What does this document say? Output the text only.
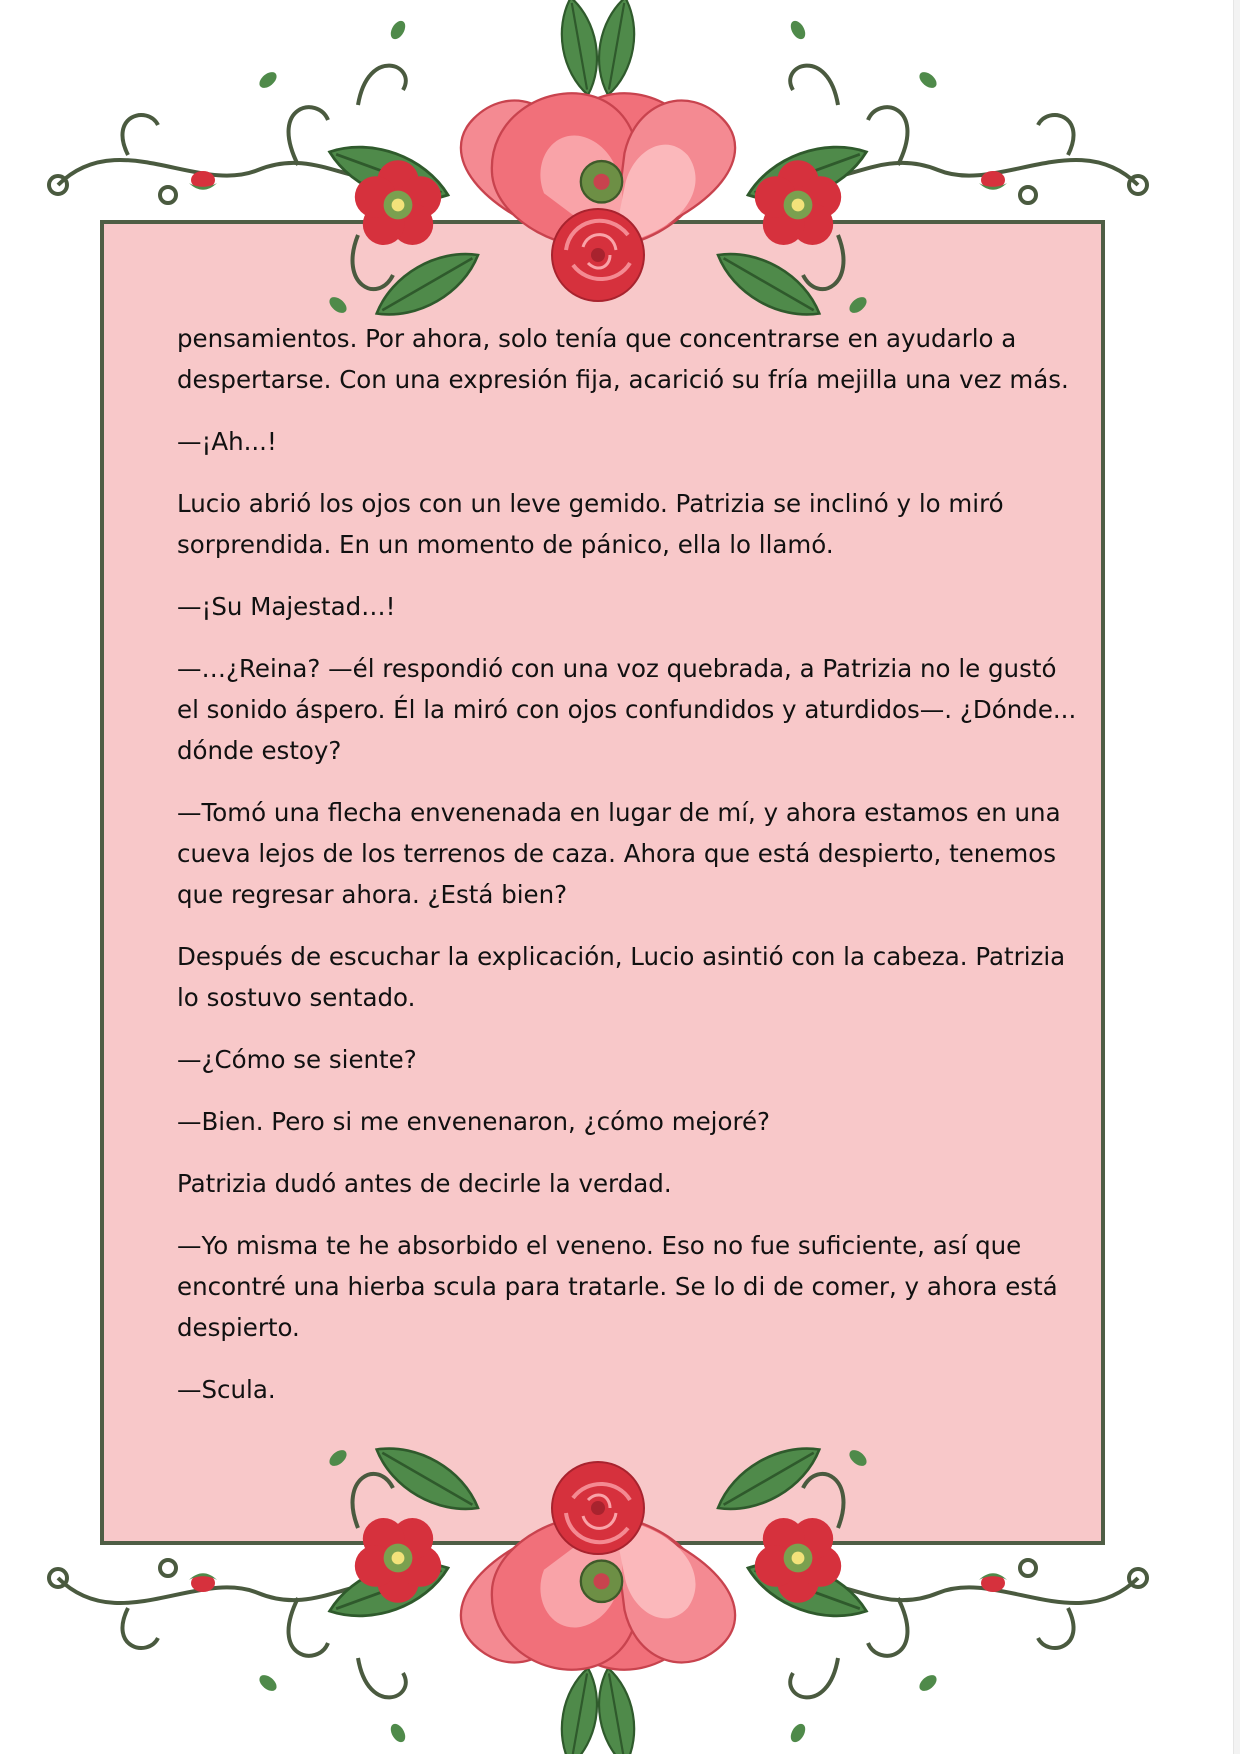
pensamientos. Por ahora, solo tenía que concentrarse en ayudarlo a despertarse. Con una expresión fija, acarició su fría mejilla una vez más.

—¡Ah...!

Lucio abrió los ojos con un leve gemido. Patrizia se inclinó y lo miró sorprendida. En un momento de pánico, ella lo llamó.

—¡Su Majestad…!

—…¿Reina? —él respondió con una voz quebrada, a Patrizia no le gustó el sonido áspero. Él la miró con ojos confundidos y aturdidos—. ¿Dónde... dónde estoy?

—Tomó una flecha envenenada en lugar de mí, y ahora estamos en una cueva lejos de los terrenos de caza. Ahora que está despierto, tenemos que regresar ahora. ¿Está bien?

Después de escuchar la explicación, Lucio asintió con la cabeza. Patrizia lo sostuvo sentado.

—¿Cómo se siente?

—Bien. Pero si me envenenaron, ¿cómo mejoré?

Patrizia dudó antes de decirle la verdad.

—Yo misma te he absorbido el veneno. Eso no fue suficiente, así que encontré una hierba scula para tratarle. Se lo di de comer, y ahora está despierto.

—Scula.
